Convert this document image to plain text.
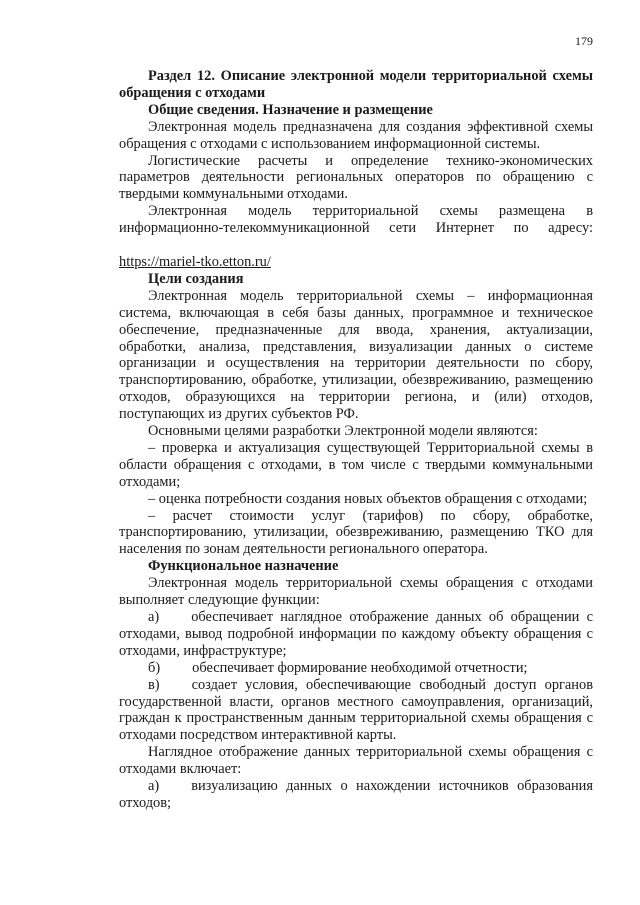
179

Раздел 12. Описание электронной модели территориальной схемы обращения с отходами

Общие сведения. Назначение и размещение

Электронная модель предназначена для создания эффективной схемы обращения с отходами с использованием информационной системы.

Логистические расчеты и определение технико-экономических параметров деятельности региональных операторов по обращению с твердыми коммунальными отходами.

Электронная модель территориальной схемы размещена в информационно-телекоммуникационной сети Интернет по адресу:

https://mariel-tko.etton.ru/

Цели создания

Электронная модель территориальной схемы – информационная система, включающая в себя базы данных, программное и техническое обеспечение, предназначенные для ввода, хранения, актуализации, обработки, анализа, представления, визуализации данных о системе организации и осуществления на территории деятельности по сбору, транспортированию, обработке, утилизации, обезвреживанию, размещению отходов, образующихся на территории региона, и (или) отходов, поступающих из других субъектов РФ.

Основными целями разработки Электронной модели являются:

– проверка и актуализация существующей Территориальной схемы в области обращения с отходами, в том числе с твердыми коммунальными отходами;

– оценка потребности создания новых объектов обращения с отходами;

– расчет стоимости услуг (тарифов) по сбору, обработке, транспортированию, утилизации, обезвреживанию, размещению ТКО для населения по зонам деятельности регионального оператора.

Функциональное назначение

Электронная модель территориальной схемы обращения с отходами выполняет следующие функции:

а) обеспечивает наглядное отображение данных об обращении с отходами, вывод подробной информации по каждому объекту обращения с отходами, инфраструктуре;

б) обеспечивает формирование необходимой отчетности;

в) создает условия, обеспечивающие свободный доступ органов государственной власти, органов местного самоуправления, организаций, граждан к пространственным данным территориальной схемы обращения с отходами посредством интерактивной карты.

Наглядное отображение данных территориальной схемы обращения с отходами включает:

а) визуализацию данных о нахождении источников образования отходов;
